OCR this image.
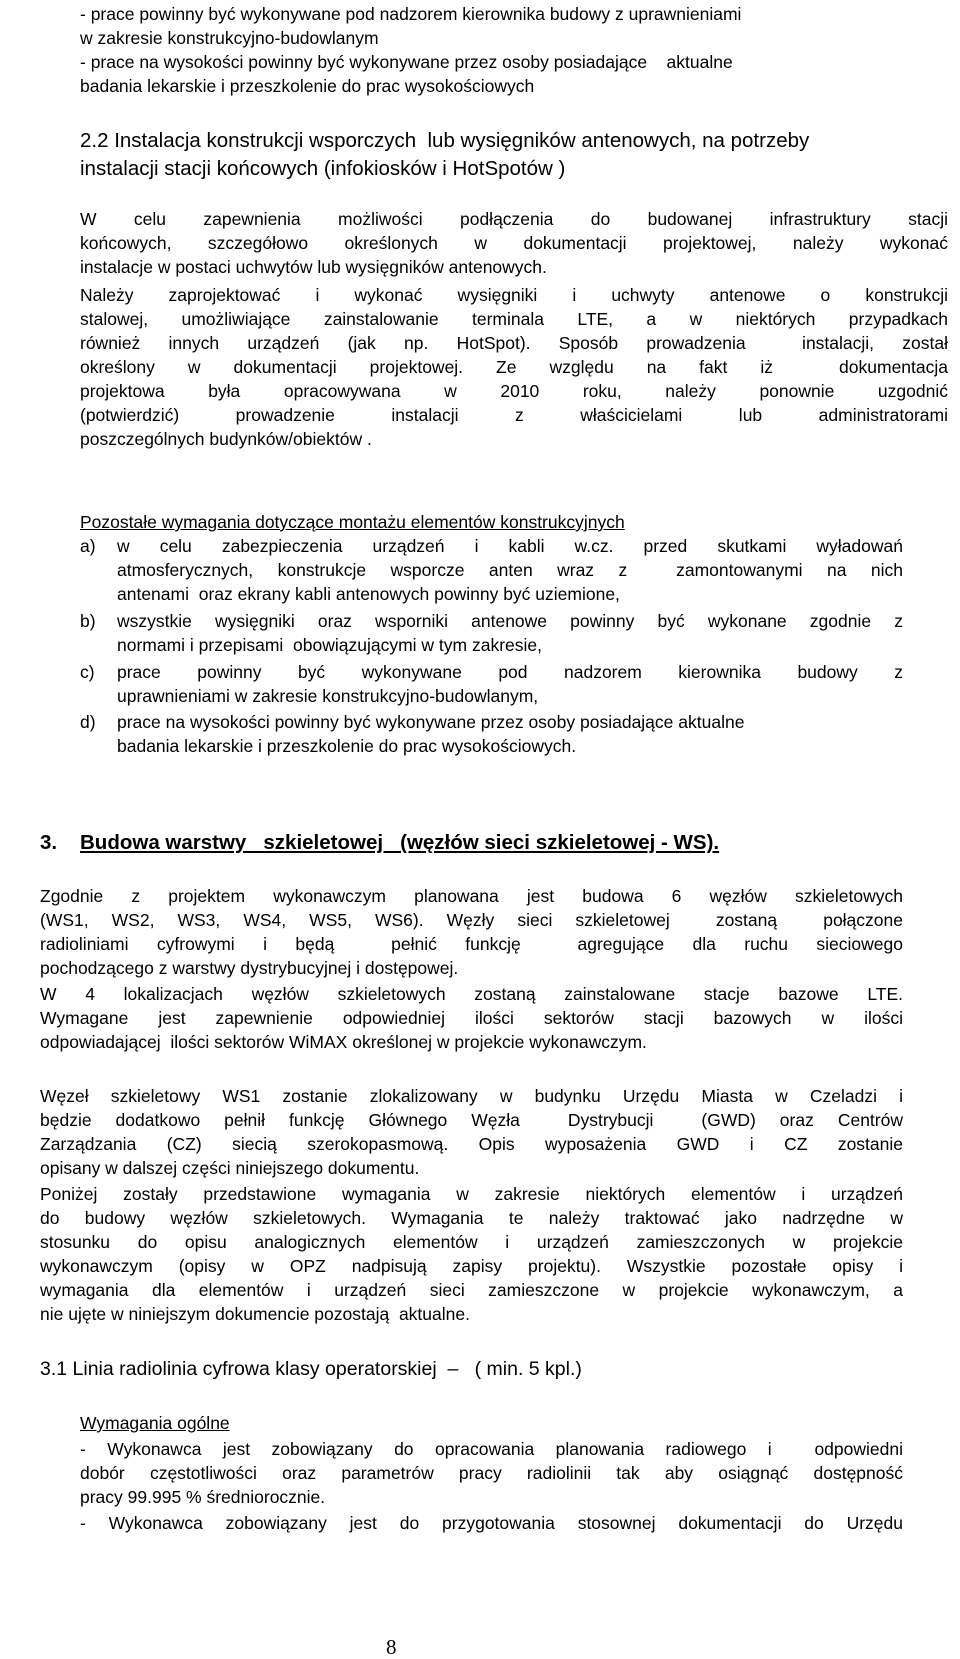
- prace powinny być wykonywane pod nadzorem kierownika budowy z uprawnieniami
w zakresie konstrukcyjno-budowlanym
- prace na wysokości powinny być wykonywane przez osoby posiadające    aktualne
badania lekarskie i przeszkolenie do prac wysokościowych
2.2 Instalacja konstrukcji wsporczych  lub wysięgników antenowych, na potrzeby
instalacji stacji końcowych (infokiosków i HotSpotów )
W celu zapewnienia możliwości podłączenia do budowanej infrastruktury stacji
końcowych, szczegółowo określonych w dokumentacji projektowej, należy wykonać
instalacje w postaci uchwytów lub wysięgników antenowych.
Należy zaprojektować i wykonać wysięgniki i uchwyty antenowe o konstrukcji
stalowej, umożliwiające zainstalowanie terminala LTE, a w niektórych przypadkach
również innych urządzeń (jak np. HotSpot). Sposób prowadzenia  instalacji, został
określony w dokumentacji projektowej. Ze względu na fakt iż  dokumentacja
projektowa była opracowywana w 2010 roku, należy ponownie uzgodnić
(potwierdzić) prowadzenie instalacji z właścicielami lub administratorami
poszczególnych budynków/obiektów .
Pozostałe wymagania dotyczące montażu elementów konstrukcyjnych
a) w celu zabezpieczenia urządzeń i kabli w.cz. przed skutkami wyładowań
atmosferycznych, konstrukcje wsporcze anten wraz z  zamontowanymi na nich
antenami  oraz ekrany kabli antenowych powinny być uziemione,
b) wszystkie wysięgniki oraz wsporniki antenowe powinny być wykonane zgodnie z
normami i przepisami  obowiązującymi w tym zakresie,
c) prace powinny być wykonywane pod nadzorem kierownika budowy z
uprawnieniami w zakresie konstrukcyjno-budowlanym,
d) prace na wysokości powinny być wykonywane przez osoby posiadające aktualne
badania lekarskie i przeszkolenie do prac wysokościowych.
3. Budowa warstwy   szkieletowej   (węzłów sieci szkieletowej - WS).
Zgodnie z projektem wykonawczym planowana jest budowa 6 węzłów szkieletowych
(WS1, WS2, WS3, WS4, WS5, WS6). Węzły sieci szkieletowej  zostaną  połączone
radioliniami cyfrowymi i będą  pełnić funkcję  agregujące dla ruchu sieciowego
pochodzącego z warstwy dystrybucyjnej i dostępowej.
W 4 lokalizacjach węzłów szkieletowych zostaną zainstalowane stacje bazowe LTE.
Wymagane jest zapewnienie odpowiedniej ilości sektorów stacji bazowych w ilości
odpowiadającej  ilości sektorów WiMAX określonej w projekcie wykonawczym.
Węzeł szkieletowy WS1 zostanie zlokalizowany w budynku Urzędu Miasta w Czeladzi i
będzie dodatkowo pełnił funkcję Głównego Węzła  Dystrybucji  (GWD) oraz Centrów
Zarządzania (CZ) siecią szerokopasmową. Opis wyposażenia GWD i CZ zostanie
opisany w dalszej części niniejszego dokumentu.
Poniżej zostały przedstawione wymagania w zakresie niektórych elementów i urządzeń
do budowy węzłów szkieletowych. Wymagania te należy traktować jako nadrzędne w
stosunku do opisu analogicznych elementów i urządzeń zamieszczonych w projekcie
wykonawczym (opisy w OPZ nadpisują zapisy projektu). Wszystkie pozostałe opisy i
wymagania dla elementów i urządzeń sieci zamieszczone w projekcie wykonawczym, a
nie ujęte w niniejszym dokumencie pozostają  aktualne.
3.1 Linia radiolinia cyfrowa klasy operatorskiej  –   ( min. 5 kpl.)
Wymagania ogólne
- Wykonawca jest zobowiązany do opracowania planowania radiowego i  odpowiedni
dobór częstotliwości oraz parametrów pracy radiolinii tak aby osiągnąć dostępność
pracy 99.995 % średniorocznie.
- Wykonawca zobowiązany jest do przygotowania stosownej dokumentacji do Urzędu
8
